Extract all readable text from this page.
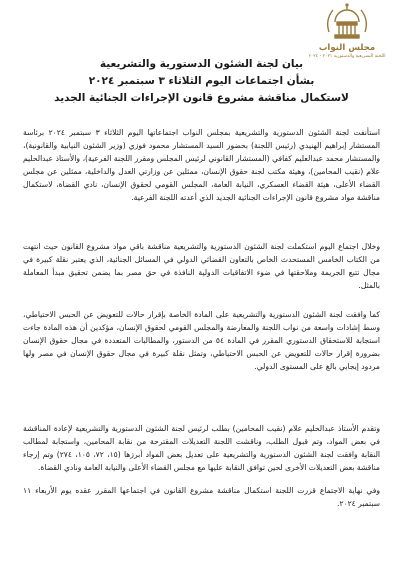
مجلس النواب
اللجنة التشريعية والدستورية ٢٠٢١ - ٢٠٢٤
بيان لجنة الشئون الدستورية والتشريعية
بشأن اجتماعات اليوم الثلاثاء ٣ سبتمبر ٢٠٢٤
لاستكمال مناقشة مشروع قانون الإجراءات الجنائية الجديد

استأنفت لجنة الشئون الدستورية والتشريعية بمجلس النواب اجتماعاتها اليوم الثلاثاء ٣ سبتمبر ٢٠٢٤ برئاسة المستشار إبراهيم الهنيدي (رئيس اللجنة) بحضور السيد المستشار محمود فوزي (وزير الشئون النيابية والقانونية)، والمستشار محمد عبدالعليم كفافي (المستشار القانوني لرئيس المجلس ومقرر اللجنة الفرعية)، والأستاذ عبدالحليم علام (نقيب المحامين)، وهيئة مكتب لجنة حقوق الإنسان، ممثلين عن وزارتي العدل والداخلية، ممثلين عن مجلس القضاء الأعلى، هيئة القضاء العسكري، النيابة العامة، المجلس القومي لحقوق الإنسان، نادي القضاة، لاستكمال مناقشة مواد مشروع قانون الإجراءات الجنائية الجديد الذي أعدته اللجنة الفرعية.

وخلال اجتماع اليوم استكملت لجنة الشئون الدستورية والتشريعية مناقشة باقي مواد مشروع القانون حيث انتهت من الكتاب الخامس المستحدث الخاص بالتعاون القضائي الدولي في المسائل الجنائية، الذي يعتبر نقلة كبيرة في مجال تتبع الجريمة وملاحقتها في ضوء الاتفاقيات الدولية النافذة في حق مصر بما يضمن تحقيق مبدأ المعاملة بالمثل.

كما وافقت لجنة الشئون الدستورية والتشريعية على المادة الخاصة بإقرار حالات للتعويض عن الحبس الاحتياطي، وسط إشادات واسعة من نواب اللجنة والمعارضة والمجلس القومي لحقوق الإنسان، مؤكدين أن هذه المادة جاءت استجابة للاستحقاق الدستوري المقرر في المادة ٥٤ من الدستور، والمطالبات المتعددة في مجال حقوق الإنسان بضرورة إقرار حالات للتعويض عن الحبس الاحتياطي، وتمثل نقلة كبيرة في مجال حقوق الإنسان في مصر ولها مردود إيجابي بالغ على المستوى الدولي.

وتقدم الأستاذ عبدالحليم علام (نقيب المحامين) بطلب لرئيس لجنة الشئون الدستورية والتشريعية لإعادة المناقشة في بعض المواد، وتم قبول الطلب، وناقشت اللجنة التعديلات المقترحة من نقابة المحامين، واستجابة لمطالب النقابة وافقت لجنة الشئون الدستورية والتشريعية على تعديل بعض المواد أبرزها (١٥، ٧٢، ١٠٥، ٢٧٤) وتم إرجاء مناقشة بعض التعديلات الأخرى لحين توافق النقابة عليها مع مجلس القضاء الأعلى والنيابة العامة ونادي القضاة.

وفي نهاية الاجتماع قررت اللجنة استكمال مناقشة مشروع القانون في اجتماعها المقرر عقده يوم الأربعاء ١١ سبتمبر ٢٠٢٤.
